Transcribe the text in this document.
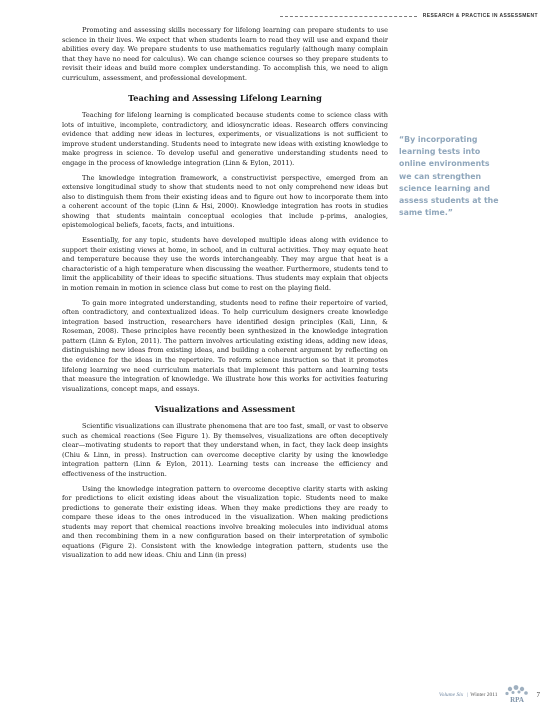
RESEARCH & PRACTICE IN ASSESSMENT

Promoting and assessing skills necessary for lifelong learning can prepare students to use science in their lives. We expect that when students learn to read they will use and expand their abilities every day. We prepare students to use mathematics regularly (although many complain that they have no need for calculus). We can change science courses so they prepare students to revisit their ideas and build more complex understanding. To accomplish this, we need to align curriculum, assessment, and professional development.

Teaching and Assessing Lifelong Learning

Teaching for lifelong learning is complicated because students come to science class with lots of intuitive, incomplete, contradictory, and idiosyncratic ideas. Research offers convincing evidence that adding new ideas in lectures, experiments, or visualizations is not sufficient to improve student understanding. Students need to integrate new ideas with existing knowledge to make progress in science. To develop useful and generative understanding students need to engage in the process of knowledge integration (Linn & Eylon, 2011).

The knowledge integration framework, a constructivist perspective, emerged from an extensive longitudinal study to show that students need to not only comprehend new ideas but also to distinguish them from their existing ideas and to figure out how to incorporate them into a coherent account of the topic (Linn & Hsi, 2000). Knowledge integration has roots in studies showing that students maintain conceptual ecologies that include p-prims, analogies, epistemological beliefs, facets, facts, and intuitions.

Essentially, for any topic, students have developed multiple ideas along with evidence to support their existing views at home, in school, and in cultural activities. They may equate heat and temperature because they use the words interchangeably. They may argue that heat is a characteristic of a high temperature when discussing the weather. Furthermore, students tend to limit the applicability of their ideas to specific situations. Thus students may explain that objects in motion remain in motion in science class but come to rest on the playing field.

To gain more integrated understanding, students need to refine their repertoire of varied, often contradictory, and contextualized ideas. To help curriculum designers create knowledge integration based instruction, researchers have identified design principles (Kali, Linn, & Roseman, 2008). These principles have recently been synthesized in the knowledge integration pattern (Linn & Eylon, 2011). The pattern involves articulating existing ideas, adding new ideas, distinguishing new ideas from existing ideas, and building a coherent argument by reflecting on the evidence for the ideas in the repertoire. To reform science instruction so that it promotes lifelong learning we need curriculum materials that implement this pattern and learning tests that measure the integration of knowledge. We illustrate how this works for activities featuring visualizations, concept maps, and essays.

Visualizations and Assessment

Scientific visualizations can illustrate phenomena that are too fast, small, or vast to observe such as chemical reactions (See Figure 1). By themselves, visualizations are often deceptively clear—motivating students to report that they understand when, in fact, they lack deep insights (Chiu & Linn, in press). Instruction can overcome deceptive clarity by using the knowledge integration pattern (Linn & Eylon, 2011). Learning tests can increase the efficiency and effectiveness of the instruction.

Using the knowledge integration pattern to overcome deceptive clarity starts with asking for predictions to elicit existing ideas about the visualization topic. Students need to make predictions to generate their existing ideas. When they make predictions they are ready to compare these ideas to the ones introduced in the visualization. When making predictions students may report that chemical reactions involve breaking molecules into individual atoms and then recombining them in a new configuration based on their interpretation of symbolic equations (Figure 2). Consistent with the knowledge integration pattern, students use the visualization to add new ideas. Chiu and Linn (in press)

“By incorporating learning tests into online environments we can strengthen science learning and assess students at the same time.”
Volume Six | Winter 2011
RPA
7
